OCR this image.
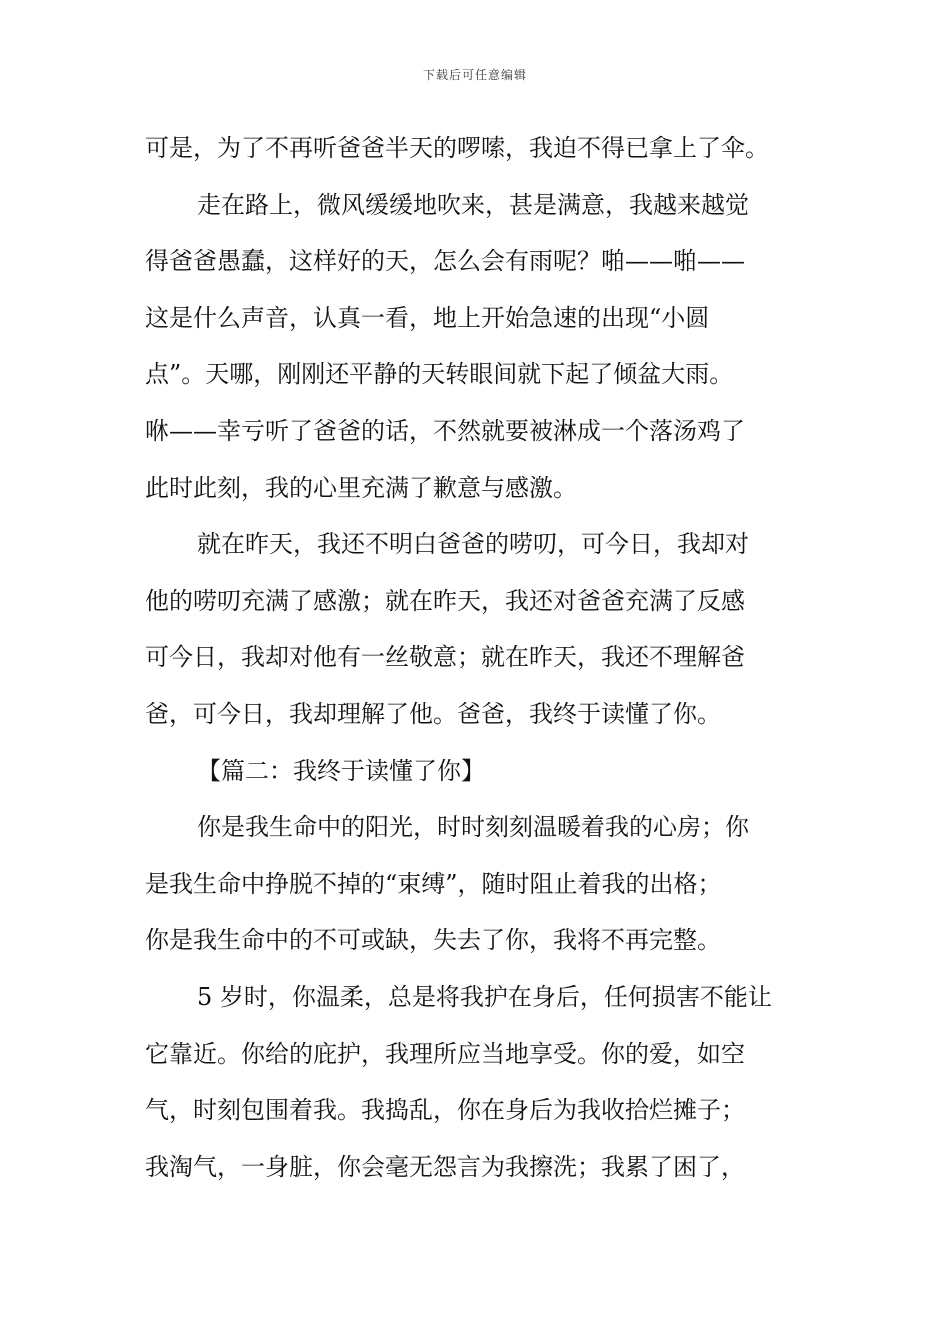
下载后可任意编辑
可是，为了不再听爸爸半天的啰嗦，我迫不得已拿上了伞。
走在路上，微风缓缓地吹来，甚是满意，我越来越觉
得爸爸愚蠢，这样好的天，怎么会有雨呢？啪——啪——
这是什么声音，认真一看，地上开始急速的出现“小圆
点”。天哪，刚刚还平静的天转眼间就下起了倾盆大雨。
咻——幸亏听了爸爸的话，不然就要被淋成一个落汤鸡了
此时此刻，我的心里充满了歉意与感激。
就在昨天，我还不明白爸爸的唠叨，可今日，我却对
他的唠叨充满了感激；就在昨天，我还对爸爸充满了反感
可今日，我却对他有一丝敬意；就在昨天，我还不理解爸
爸，可今日，我却理解了他。爸爸，我终于读懂了你。
【篇二：我终于读懂了你】
你是我生命中的阳光，时时刻刻温暖着我的心房；你
是我生命中挣脱不掉的“束缚”，随时阻止着我的出格；
你是我生命中的不可或缺，失去了你，我将不再完整。
5 岁时，你温柔，总是将我护在身后，任何损害不能让
它靠近。你给的庇护，我理所应当地享受。你的爱，如空
气，时刻包围着我。我捣乱，你在身后为我收拾烂摊子；
我淘气，一身脏，你会毫无怨言为我擦洗；我累了困了，
